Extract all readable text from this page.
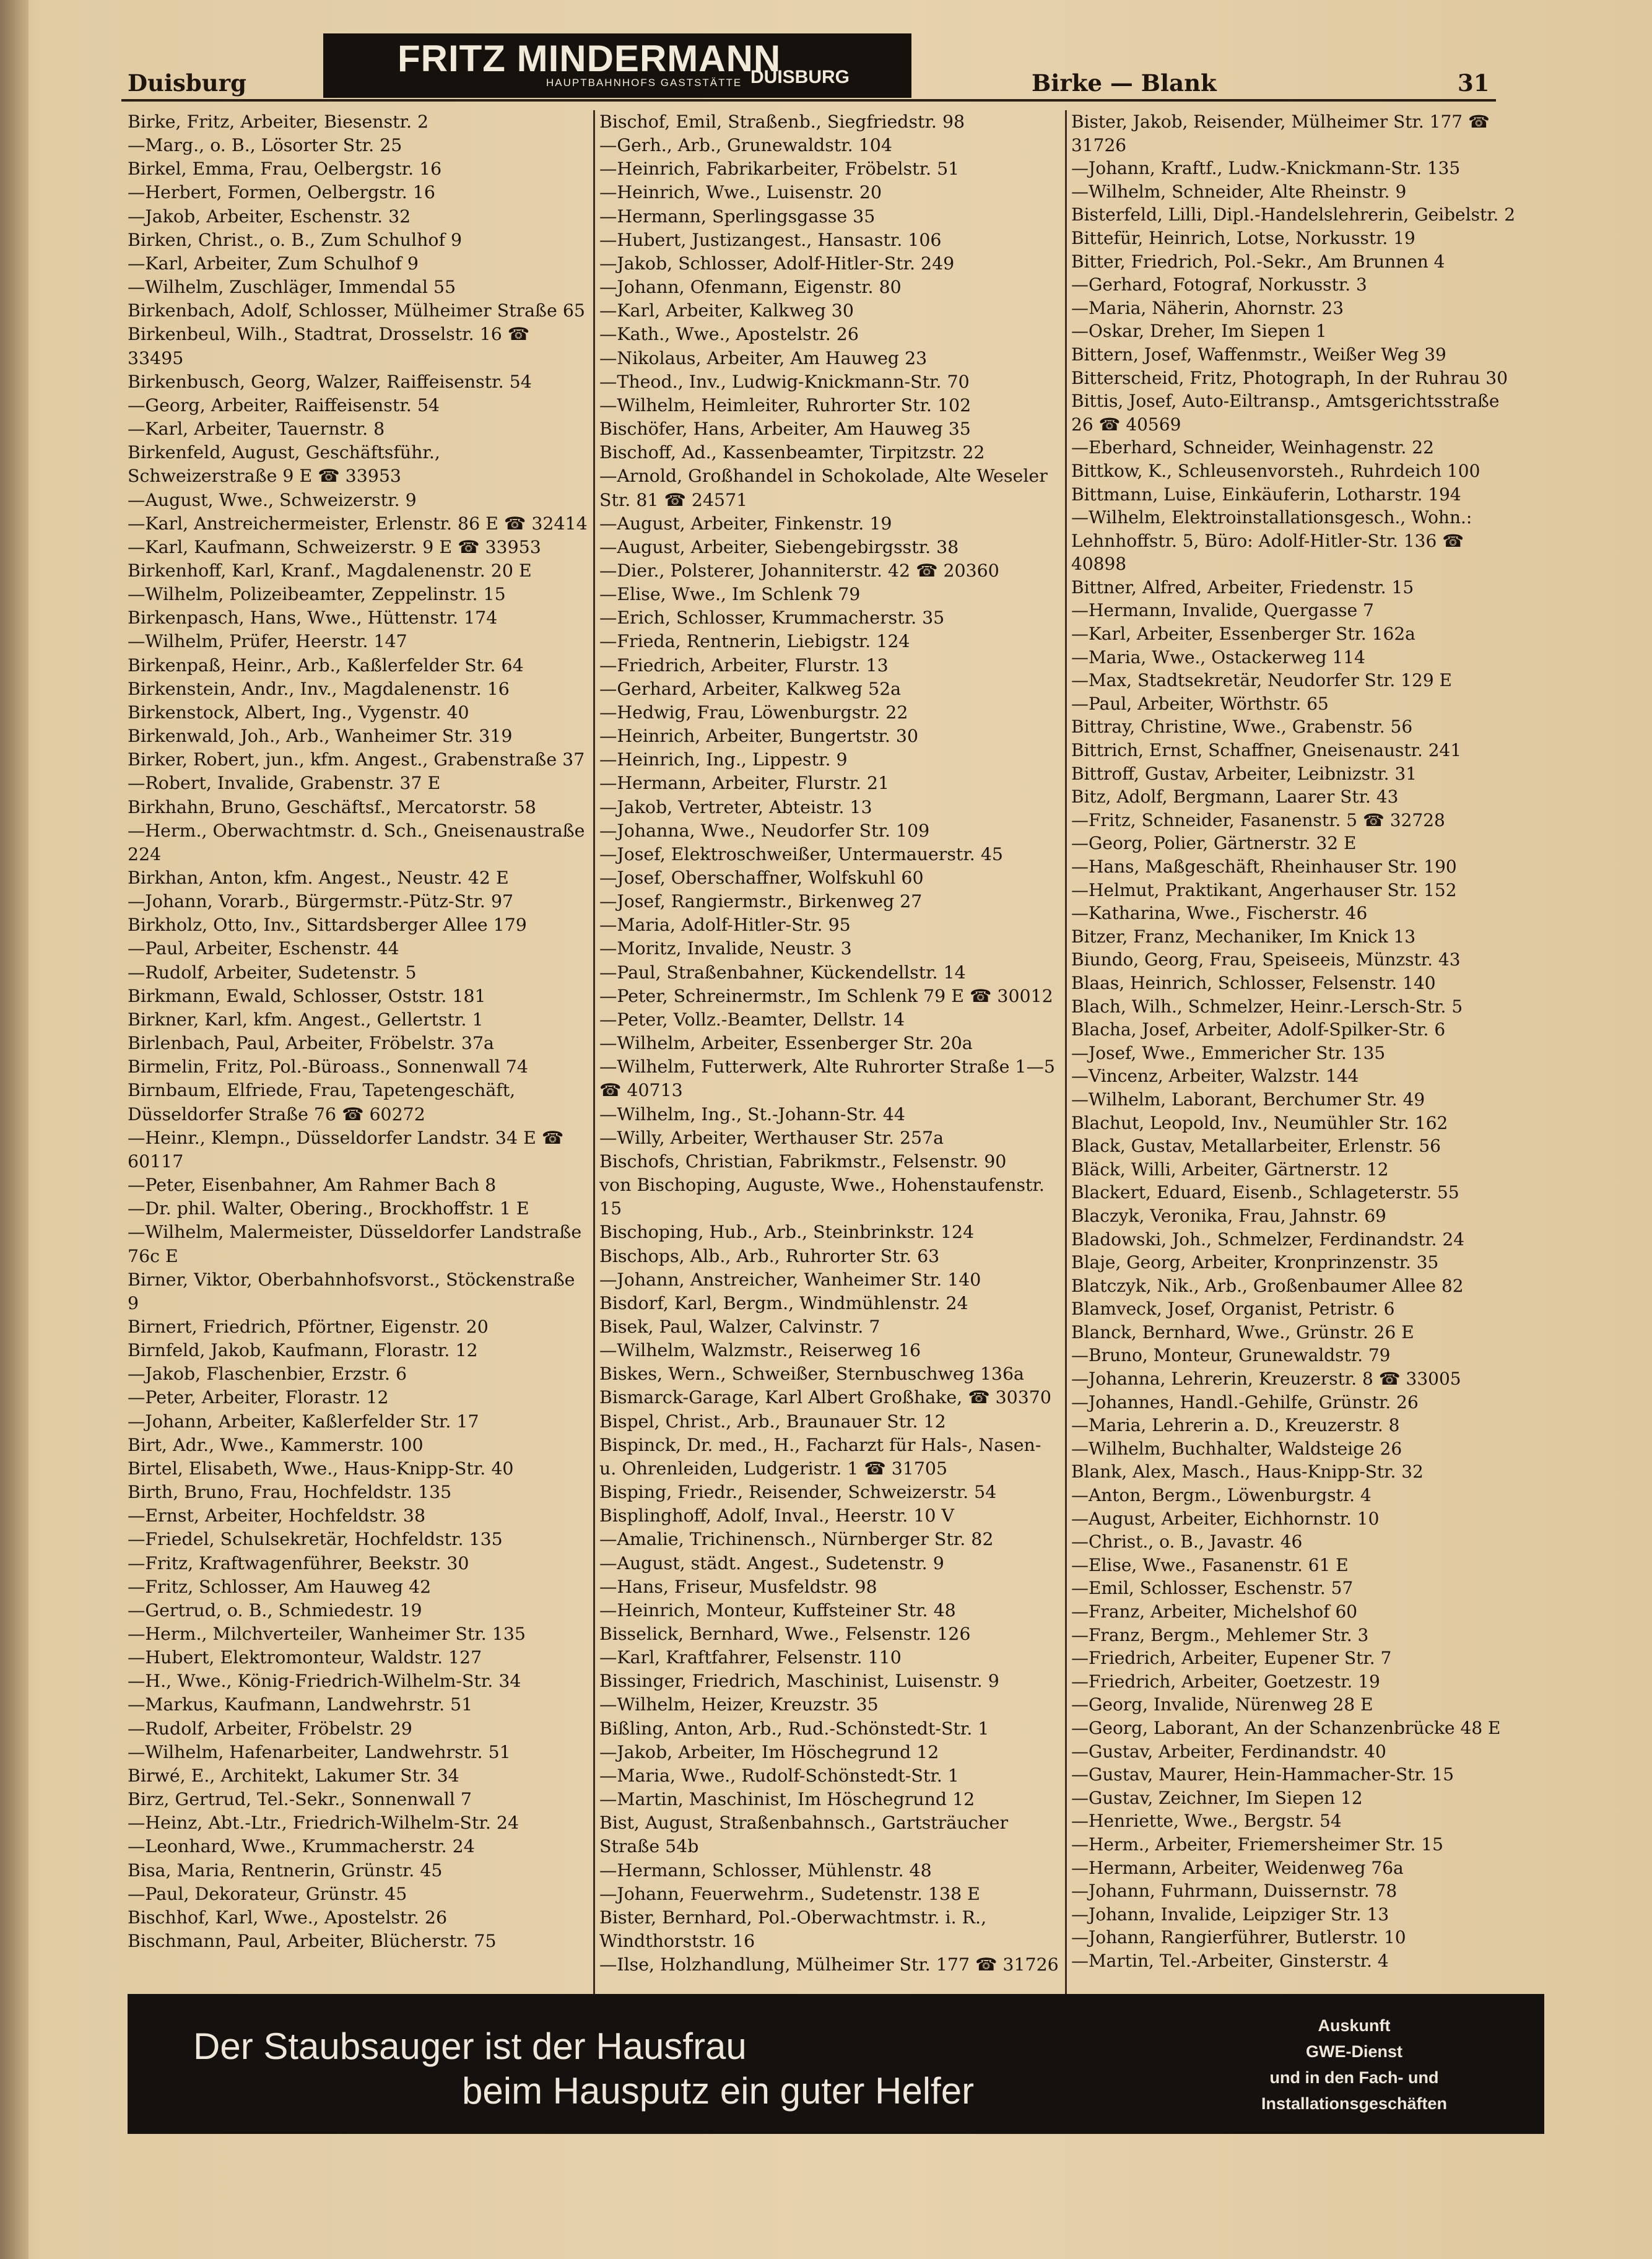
FRITZ MINDERMANN
HAUPTBAHNHOFS GASTSTÄTTE DUISBURG
Duisburg	Birke — Blank	31
Birke, Fritz, Arbeiter, Biesenstr. 2
—Marg., o. B., Lösorter Str. 25
Birkel, Emma, Frau, Oelbergstr. 16
—Herbert, Formen, Oelbergstr. 16
—Jakob, Arbeiter, Eschenstr. 32
Birken, Christ., o. B., Zum Schulhof 9
—Karl, Arbeiter, Zum Schulhof 9
—Wilhelm, Zuschläger, Immendal 55
Birkenbach, Adolf, Schlosser, Mülheimer Straße 65
Birkenbeul, Wilh., Stadtrat, Drosselstr. 16 ☎ 33495
Birkenbusch, Georg, Walzer, Raiffeisenstr. 54
—Georg, Arbeiter, Raiffeisenstr. 54
—Karl, Arbeiter, Tauernstr. 8
Birkenfeld, August, Geschäftsführ., Schweizerstraße 9 E ☎ 33953
—August, Wwe., Schweizerstr. 9
—Karl, Anstreichermeister, Erlenstr. 86 E ☎ 32414
—Karl, Kaufmann, Schweizerstr. 9 E ☎ 33953
Birkenhoff, Karl, Kranf., Magdalenenstr. 20 E
—Wilhelm, Polizeibeamter, Zeppelinstr. 15
Birkenpasch, Hans, Wwe., Hüttenstr. 174
—Wilhelm, Prüfer, Heerstr. 147
Birkenpaß, Heinr., Arb., Kaßlerfelder Str. 64
Birkenstein, Andr., Inv., Magdalenenstr. 16
Birkenstock, Albert, Ing., Vygenstr. 40
Birkenwald, Joh., Arb., Wanheimer Str. 319
Birker, Robert, jun., kfm. Angest., Grabenstraße 37
—Robert, Invalide, Grabenstr. 37 E
Birkhahn, Bruno, Geschäftsf., Mercatorstr. 58
—Herm., Oberwachtmstr. d. Sch., Gneisenaustraße 224
Birkhan, Anton, kfm. Angest., Neustr. 42 E
—Johann, Vorarb., Bürgermstr.-Pütz-Str. 97
Birkholz, Otto, Inv., Sittardsberger Allee 179
—Paul, Arbeiter, Eschenstr. 44
—Rudolf, Arbeiter, Sudetenstr. 5
Birkmann, Ewald, Schlosser, Oststr. 181
Birkner, Karl, kfm. Angest., Gellertstr. 1
Birlenbach, Paul, Arbeiter, Fröbelstr. 37a
Birmelin, Fritz, Pol.-Büroass., Sonnenwall 74
Birnbaum, Elfriede, Frau, Tapetengeschäft, Düsseldorfer Straße 76 ☎ 60272
—Heinr., Klempn., Düsseldorfer Landstr. 34 E ☎ 60117
—Peter, Eisenbahner, Am Rahmer Bach 8
—Dr. phil. Walter, Obering., Brockhoffstr. 1 E
—Wilhelm, Malermeister, Düsseldorfer Landstraße 76c E
Birner, Viktor, Oberbahnhofsvorst., Stöckenstraße 9
Birnert, Friedrich, Pförtner, Eigenstr. 20
Birnfeld, Jakob, Kaufmann, Florastr. 12
—Jakob, Flaschenbier, Erzstr. 6
—Peter, Arbeiter, Florastr. 12
—Johann, Arbeiter, Kaßlerfelder Str. 17
Birt, Adr., Wwe., Kammerstr. 100
Birtel, Elisabeth, Wwe., Haus-Knipp-Str. 40
Birth, Bruno, Frau, Hochfeldstr. 135
—Ernst, Arbeiter, Hochfeldstr. 38
—Friedel, Schulsekretär, Hochfeldstr. 135
—Fritz, Kraftwagenführer, Beekstr. 30
—Fritz, Schlosser, Am Hauweg 42
—Gertrud, o. B., Schmiedestr. 19
—Herm., Milchverteiler, Wanheimer Str. 135
—Hubert, Elektromonteur, Waldstr. 127
—H., Wwe., König-Friedrich-Wilhelm-Str. 34
—Markus, Kaufmann, Landwehrstr. 51
—Rudolf, Arbeiter, Fröbelstr. 29
—Wilhelm, Hafenarbeiter, Landwehrstr. 51
Birwé, E., Architekt, Lakumer Str. 34
Birz, Gertrud, Tel.-Sekr., Sonnenwall 7
—Heinz, Abt.-Ltr., Friedrich-Wilhelm-Str. 24
—Leonhard, Wwe., Krummacherstr. 24
Bisa, Maria, Rentnerin, Grünstr. 45
—Paul, Dekorateur, Grünstr. 45
Bischhof, Karl, Wwe., Apostelstr. 26
Bischmann, Paul, Arbeiter, Blücherstr. 75
Bischof, Emil, Straßenb., Siegfriedstr. 98
—Gerh., Arb., Grunewaldstr. 104
—Heinrich, Fabrikarbeiter, Fröbelstr. 51
—Heinrich, Wwe., Luisenstr. 20
—Hermann, Sperlingsgasse 35
—Hubert, Justizangest., Hansastr. 106
—Jakob, Schlosser, Adolf-Hitler-Str. 249
—Johann, Ofenmann, Eigenstr. 80
—Karl, Arbeiter, Kalkweg 30
—Kath., Wwe., Apostelstr. 26
—Nikolaus, Arbeiter, Am Hauweg 23
—Theod., Inv., Ludwig-Knickmann-Str. 70
—Wilhelm, Heimleiter, Ruhrorter Str. 102
Bischöfer, Hans, Arbeiter, Am Hauweg 35
Bischoff, Ad., Kassenbeamter, Tirpitzstr. 22
—Arnold, Großhandel in Schokolade, Alte Weseler Str. 81 ☎ 24571
—August, Arbeiter, Finkenstr. 19
—August, Arbeiter, Siebengebirgsstr. 38
—Dier., Polsterer, Johanniterstr. 42 ☎ 20360
—Elise, Wwe., Im Schlenk 79
—Erich, Schlosser, Krummacherstr. 35
—Frieda, Rentnerin, Liebigstr. 124
—Friedrich, Arbeiter, Flurstr. 13
—Gerhard, Arbeiter, Kalkweg 52a
—Hedwig, Frau, Löwenburgstr. 22
—Heinrich, Arbeiter, Bungertstr. 30
—Heinrich, Ing., Lippestr. 9
—Hermann, Arbeiter, Flurstr. 21
—Jakob, Vertreter, Abteistr. 13
—Johanna, Wwe., Neudorfer Str. 109
—Josef, Elektroschweißer, Untermauerstr. 45
—Josef, Oberschaffner, Wolfskuhl 60
—Josef, Rangiermstr., Birkenweg 27
—Maria, Adolf-Hitler-Str. 95
—Moritz, Invalide, Neustr. 3
—Paul, Straßenbahner, Kückendellstr. 14
—Peter, Schreinermstr., Im Schlenk 79 E ☎ 30012
—Peter, Vollz.-Beamter, Dellstr. 14
—Wilhelm, Arbeiter, Essenberger Str. 20a
—Wilhelm, Futterwerk, Alte Ruhrorter Straße 1—5 ☎ 40713
—Wilhelm, Ing., St.-Johann-Str. 44
—Willy, Arbeiter, Werthauser Str. 257a
Bischofs, Christian, Fabrikmstr., Felsenstr. 90
von Bischoping, Auguste, Wwe., Hohenstaufenstr. 15
Bischoping, Hub., Arb., Steinbrinkstr. 124
Bischops, Alb., Arb., Ruhrorter Str. 63
—Johann, Anstreicher, Wanheimer Str. 140
Bisdorf, Karl, Bergm., Windmühlenstr. 24
Bisek, Paul, Walzer, Calvinstr. 7
—Wilhelm, Walzmstr., Reiserweg 16
Biskes, Wern., Schweißer, Sternbuschweg 136a
Bismarck-Garage, Karl Albert Großhake, ☎ 30370
Bispel, Christ., Arb., Braunauer Str. 12
Bispinck, Dr. med., H., Facharzt für Hals-, Nasen- u. Ohrenleiden, Ludgeristr. 1 ☎ 31705
Bisping, Friedr., Reisender, Schweizerstr. 54
Bisplinghoff, Adolf, Inval., Heerstr. 10 V
—Amalie, Trichinensch., Nürnberger Str. 82
—August, städt. Angest., Sudetenstr. 9
—Hans, Friseur, Musfeldstr. 98
—Heinrich, Monteur, Kuffsteiner Str. 48
Bisselick, Bernhard, Wwe., Felsenstr. 126
—Karl, Kraftfahrer, Felsenstr. 110
Bissinger, Friedrich, Maschinist, Luisenstr. 9
—Wilhelm, Heizer, Kreuzstr. 35
Bißling, Anton, Arb., Rud.-Schönstedt-Str. 1
—Jakob, Arbeiter, Im Höschegrund 12
—Maria, Wwe., Rudolf-Schönstedt-Str. 1
—Martin, Maschinist, Im Höschegrund 12
Bist, August, Straßenbahnsch., Gartsträucher Straße 54b
—Hermann, Schlosser, Mühlenstr. 48
—Johann, Feuerwehrm., Sudetenstr. 138 E
Bister, Bernhard, Pol.-Oberwachtmstr. i. R., Windthorststr. 16
—Ilse, Holzhandlung, Mülheimer Str. 177 ☎ 31726
Bister, Jakob, Reisender, Mülheimer Str. 177 ☎ 31726
—Johann, Kraftf., Ludw.-Knickmann-Str. 135
—Wilhelm, Schneider, Alte Rheinstr. 9
Bisterfeld, Lilli, Dipl.-Handelslehrerin, Geibelstr. 2
Bittefür, Heinrich, Lotse, Norkusstr. 19
Bitter, Friedrich, Pol.-Sekr., Am Brunnen 4
—Gerhard, Fotograf, Norkusstr. 3
—Maria, Näherin, Ahornstr. 23
—Oskar, Dreher, Im Siepen 1
Bittern, Josef, Waffenmstr., Weißer Weg 39
Bitterscheid, Fritz, Photograph, In der Ruhrau 30
Bittis, Josef, Auto-Eiltransp., Amtsgerichtsstraße 26 ☎ 40569
—Eberhard, Schneider, Weinhagenstr. 22
Bittkow, K., Schleusenvorsteh., Ruhrdeich 100
Bittmann, Luise, Einkäuferin, Lotharstr. 194
—Wilhelm, Elektroinstallationsgesch., Wohn.: Lehnhoffstr. 5, Büro: Adolf-Hitler-Str. 136 ☎ 40898
Bittner, Alfred, Arbeiter, Friedenstr. 15
—Hermann, Invalide, Quergasse 7
—Karl, Arbeiter, Essenberger Str. 162a
—Maria, Wwe., Ostackerweg 114
—Max, Stadtsekretär, Neudorfer Str. 129 E
—Paul, Arbeiter, Wörthstr. 65
Bittray, Christine, Wwe., Grabenstr. 56
Bittrich, Ernst, Schaffner, Gneisenaustr. 241
Bittroff, Gustav, Arbeiter, Leibnizstr. 31
Bitz, Adolf, Bergmann, Laarer Str. 43
—Fritz, Schneider, Fasanenstr. 5 ☎ 32728
—Georg, Polier, Gärtnerstr. 32 E
—Hans, Maßgeschäft, Rheinhauser Str. 190
—Helmut, Praktikant, Angerhauser Str. 152
—Katharina, Wwe., Fischerstr. 46
Bitzer, Franz, Mechaniker, Im Knick 13
Biundo, Georg, Frau, Speiseeis, Münzstr. 43
Blaas, Heinrich, Schlosser, Felsenstr. 140
Blach, Wilh., Schmelzer, Heinr.-Lersch-Str. 5
Blacha, Josef, Arbeiter, Adolf-Spilker-Str. 6
—Josef, Wwe., Emmericher Str. 135
—Vincenz, Arbeiter, Walzstr. 144
—Wilhelm, Laborant, Berchumer Str. 49
Blachut, Leopold, Inv., Neumühler Str. 162
Black, Gustav, Metallarbeiter, Erlenstr. 56
Bläck, Willi, Arbeiter, Gärtnerstr. 12
Blackert, Eduard, Eisenb., Schlageterstr. 55
Blaczyk, Veronika, Frau, Jahnstr. 69
Bladowski, Joh., Schmelzer, Ferdinandstr. 24
Blaje, Georg, Arbeiter, Kronprinzenstr. 35
Blatczyk, Nik., Arb., Großenbaumer Allee 82
Blamveck, Josef, Organist, Petristr. 6
Blanck, Bernhard, Wwe., Grünstr. 26 E
—Bruno, Monteur, Grunewaldstr. 79
—Johanna, Lehrerin, Kreuzerstr. 8 ☎ 33005
—Johannes, Handl.-Gehilfe, Grünstr. 26
—Maria, Lehrerin a. D., Kreuzerstr. 8
—Wilhelm, Buchhalter, Waldsteige 26
Blank, Alex, Masch., Haus-Knipp-Str. 32
—Anton, Bergm., Löwenburgstr. 4
—August, Arbeiter, Eichhornstr. 10
—Christ., o. B., Javastr. 46
—Elise, Wwe., Fasanenstr. 61 E
—Emil, Schlosser, Eschenstr. 57
—Franz, Arbeiter, Michelshof 60
—Franz, Bergm., Mehlemer Str. 3
—Friedrich, Arbeiter, Eupener Str. 7
—Friedrich, Arbeiter, Goetzestr. 19
—Georg, Invalide, Nürenweg 28 E
—Georg, Laborant, An der Schanzenbrücke 48 E
—Gustav, Arbeiter, Ferdinandstr. 40
—Gustav, Maurer, Hein-Hammacher-Str. 15
—Gustav, Zeichner, Im Siepen 12
—Henriette, Wwe., Bergstr. 54
—Herm., Arbeiter, Friemersheimer Str. 15
—Hermann, Arbeiter, Weidenweg 76a
—Johann, Fuhrmann, Duissernstr. 78
—Johann, Invalide, Leipziger Str. 13
—Johann, Rangierführer, Butlerstr. 10
—Martin, Tel.-Arbeiter, Ginsterstr. 4
Der Staubsauger ist der Hausfrau
beim Hausputz ein guter Helfer
Auskunft
GWE-Dienst
und in den Fach- und
Installationsgeschäften
